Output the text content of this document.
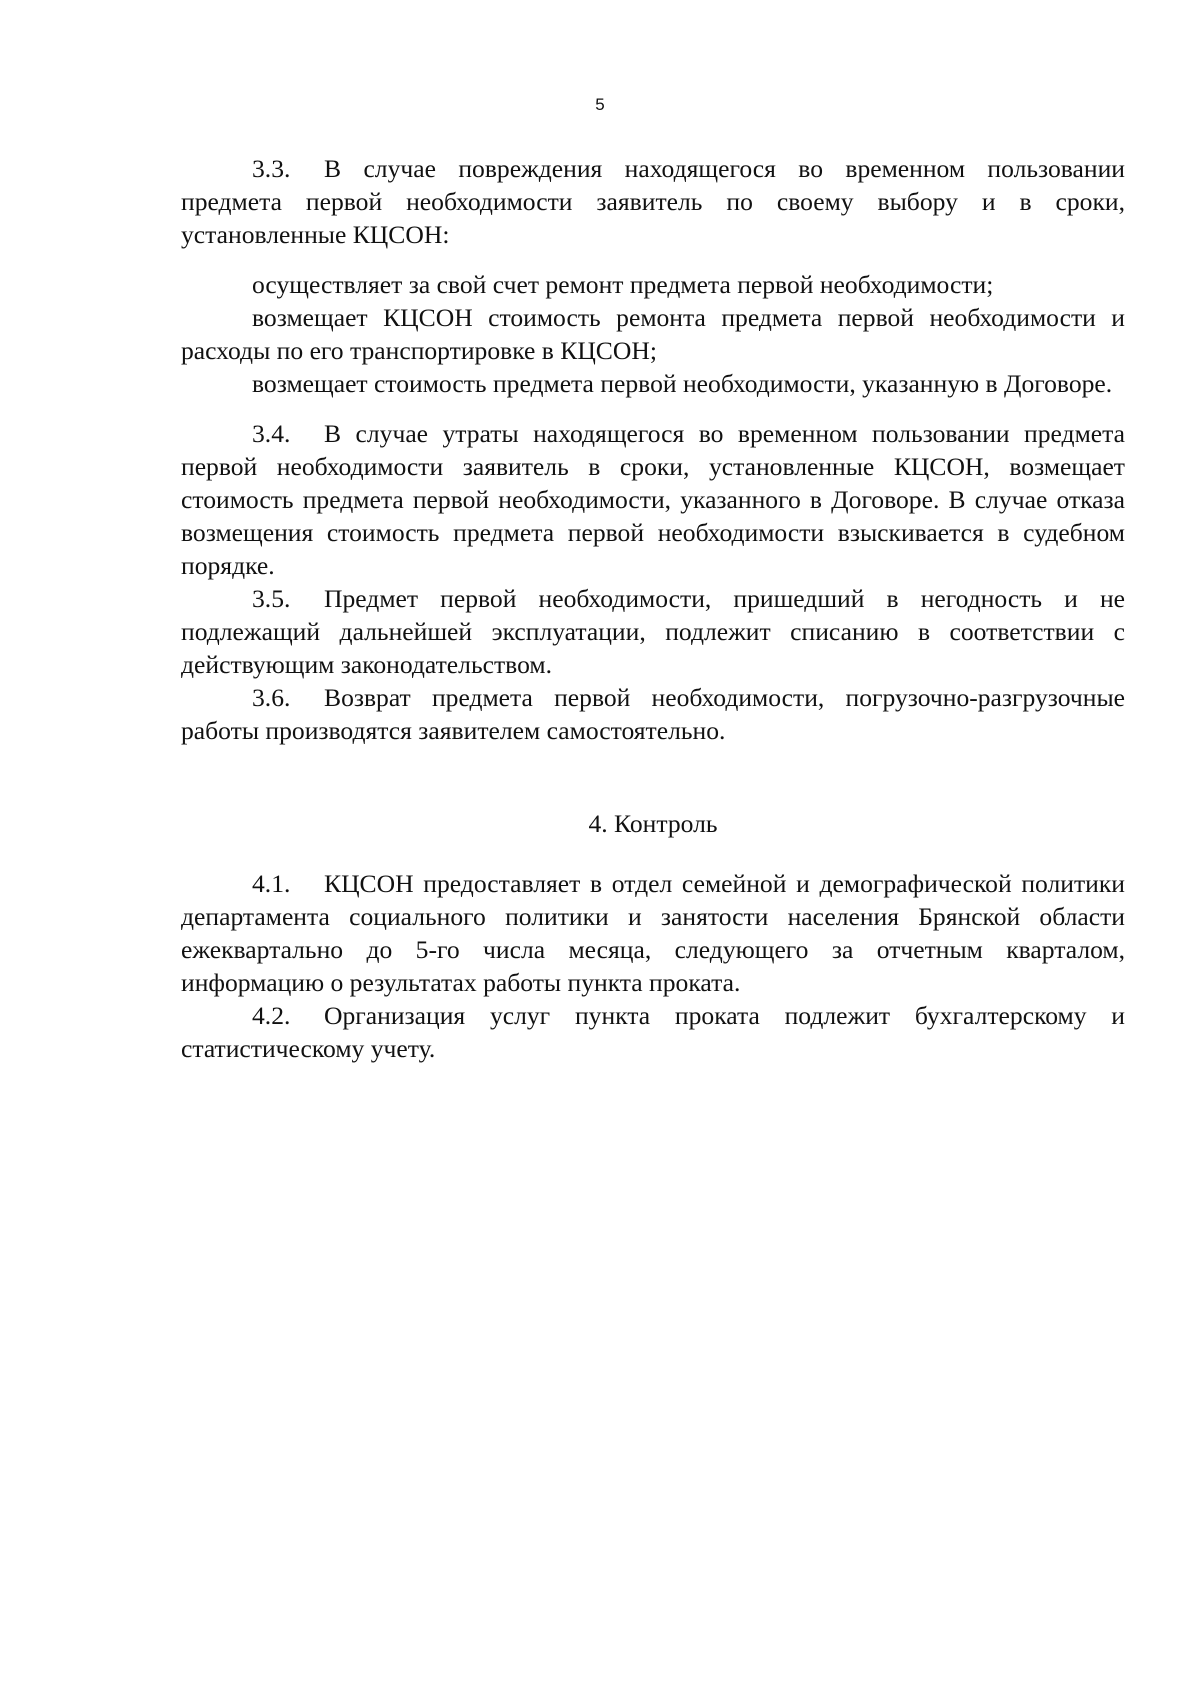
5

3.3. В случае повреждения находящегося во временном пользовании предмета первой необходимости заявитель по своему выбору и в сроки, установленные КЦСОН:

осуществляет за свой счет ремонт предмета первой необходимости;

возмещает КЦСОН стоимость ремонта предмета первой необходимости и расходы по его транспортировке в КЦСОН;

возмещает стоимость предмета первой необходимости, указанную в Договоре.

3.4. В случае утраты находящегося во временном пользовании предмета первой необходимости заявитель в сроки, установленные КЦСОН, возмещает стоимость предмета первой необходимости, указанного в Договоре. В случае отказа возмещения стоимость предмета первой необходимости взыскивается в судебном порядке.

3.5. Предмет первой необходимости, пришедший в негодность и не подлежащий дальнейшей эксплуатации, подлежит списанию в соответствии с действующим законодательством.

3.6. Возврат предмета первой необходимости, погрузочно-разгрузочные работы производятся заявителем самостоятельно.

4. Контроль

4.1. КЦСОН предоставляет в отдел семейной и демографической политики департамента социального политики и занятости населения Брянской области ежеквартально до 5-го числа месяца, следующего за отчетным кварталом, информацию о результатах работы пункта проката.

4.2. Организация услуг пункта проката подлежит бухгалтерскому и статистическому учету.
